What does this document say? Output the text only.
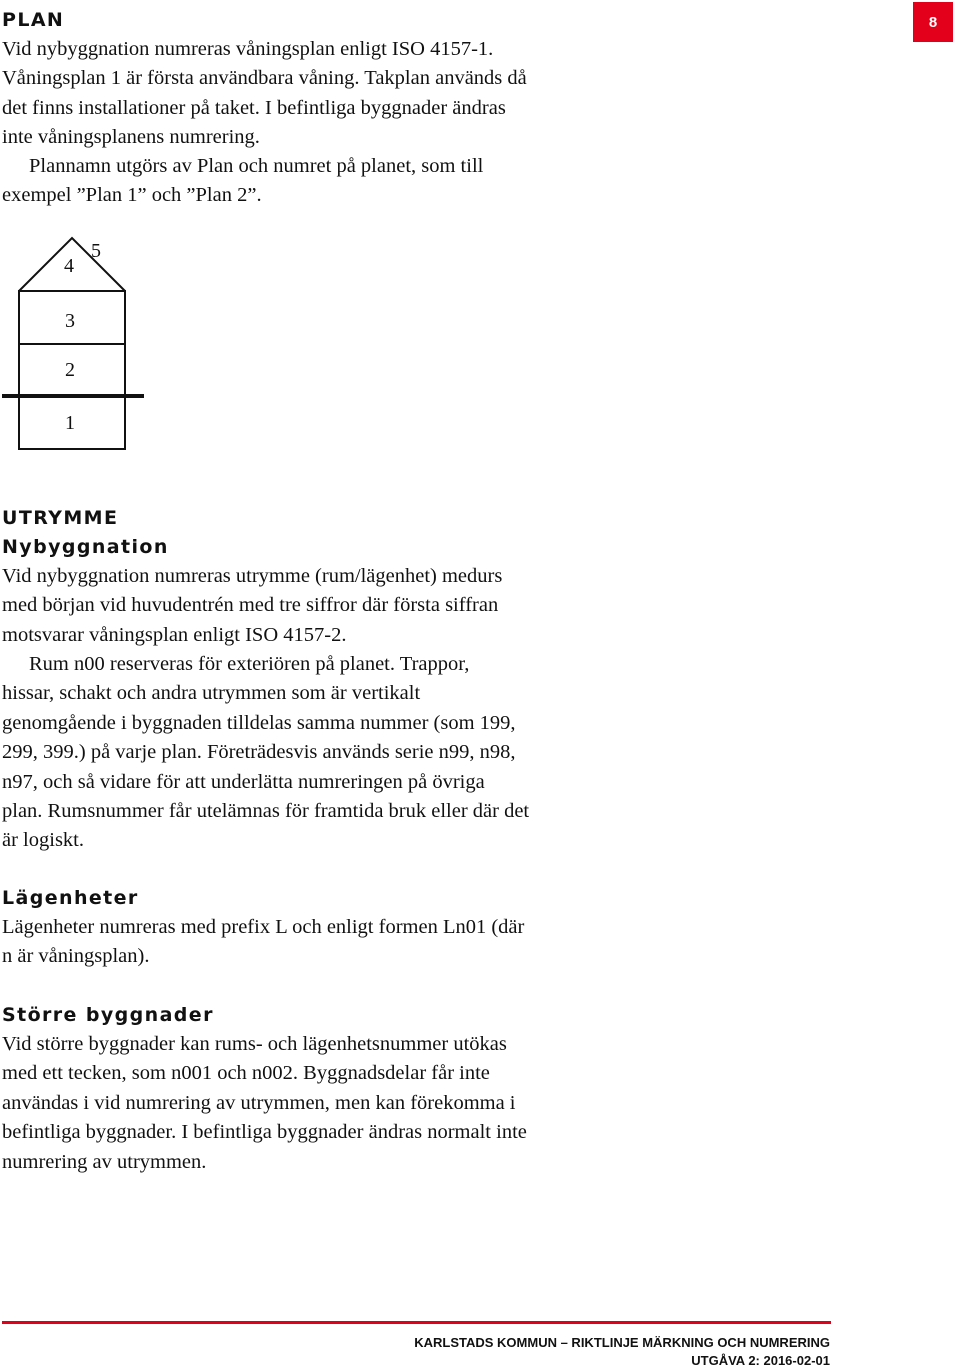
8
PLAN
Vid nybyggnation numreras våningsplan enligt ISO 4157-1.
Våningsplan 1 är första användbara våning. Takplan används då
det finns installationer på taket. I befintliga byggnader ändras
inte våningsplanens numrering.
Plannamn utgörs av Plan och numret på planet, som till
exempel ”Plan 1” och ”Plan 2”.
5
4
3
2
1
UTRYMME
Nybyggnation
Vid nybyggnation numreras utrymme (rum/lägenhet) medurs
med början vid huvudentrén med tre siffror där första siffran
motsvarar våningsplan enligt ISO 4157-2.
Rum n00 reserveras för exteriören på planet. Trappor,
hissar, schakt och andra utrymmen som är vertikalt
genomgående i byggnaden tilldelas samma nummer (som 199,
299, 399.) på varje plan. Företrädesvis används serie n99, n98,
n97, och så vidare för att underlätta numreringen på övriga
plan. Rumsnummer får utelämnas för framtida bruk eller där det
är logiskt.
Lägenheter
Lägenheter numreras med prefix L och enligt formen Ln01 (där
n är våningsplan).
Större byggnader
Vid större byggnader kan rums- och lägenhetsnummer utökas
med ett tecken, som n001 och n002. Byggnadsdelar får inte
användas i vid numrering av utrymmen, men kan förekomma i
befintliga byggnader. I befintliga byggnader ändras normalt inte
numrering av utrymmen.
KARLSTADS KOMMUN – RIKTLINJE MÄRKNING OCH NUMRERING
UTGÅVA 2: 2016-02-01
